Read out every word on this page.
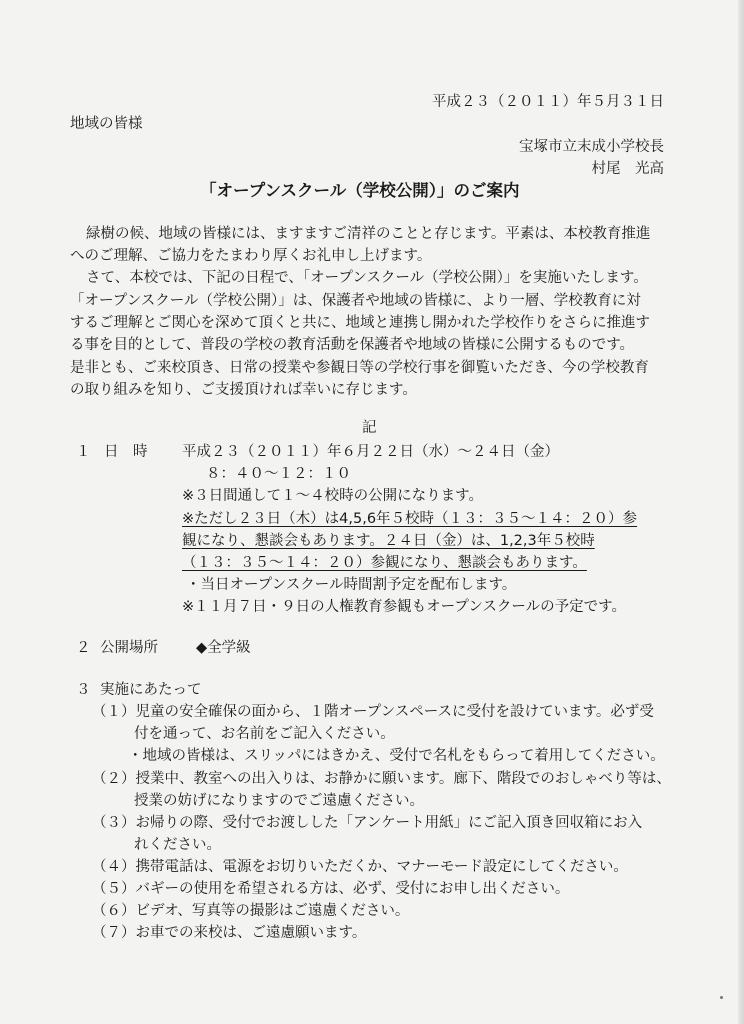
平成２３（２０１１）年５月３１日
地域の皆様
宝塚市立末成小学校長
村尾　光高
「オープンスクール（学校公開）」のご案内
緑樹の候、地域の皆様には、ますますご清祥のことと存じます。平素は、本校教育推進
へのご理解、ご協力をたまわり厚くお礼申し上げます。
さて、本校では、下記の日程で、「オープンスクール（学校公開）」を実施いたします。
「オープンスクール（学校公開）」は、保護者や地域の皆様に、より一層、学校教育に対
するご理解とご関心を深めて頂くと共に、地域と連携し開かれた学校作りをさらに推進す
る事を目的として、普段の学校の教育活動を保護者や地域の皆様に公開するものです。
是非とも、ご来校頂き、日常の授業や参観日等の学校行事を御覧いただき、今の学校教育
の取り組みを知り、ご支援頂ければ幸いに存じます。
記
１ 日　時 平成２３（２０１１）年６月２２日（水）～２４日（金）
８：４０～１２：１０
※３日間通して１～４校時の公開になります。
※ただし２３日（木）は4,5,6年５校時（１３：３５～１４：２０）参
観になり、懇談会もあります。２４日（金）は、1,2,3年５校時
（１３：３５～１４：２０）参観になり、懇談会もあります。
・当日オープンスクール時間割予定を配布します。
※１１月７日・９日の人権教育参観もオープンスクールの予定です。
２ 公開場所	◆全学級
３ 実施にあたって
（１）児童の安全確保の面から、１階オープンスペースに受付を設けています。必ず受
付を通って、お名前をご記入ください。
・地域の皆様は、スリッパにはきかえ、受付で名札をもらって着用してください。
（２）授業中、教室への出入りは、お静かに願います。廊下、階段でのおしゃべり等は、
授業の妨げになりますのでご遠慮ください。
（３）お帰りの際、受付でお渡しした「アンケート用紙」にご記入頂き回収箱にお入
れください。
（４）携帯電話は、電源をお切りいただくか、マナーモード設定にしてください。
（５）バギーの使用を希望される方は、必ず、受付にお申し出ください。
（６）ビデオ、写真等の撮影はご遠慮ください。
（７）お車での来校は、ご遠慮願います。
